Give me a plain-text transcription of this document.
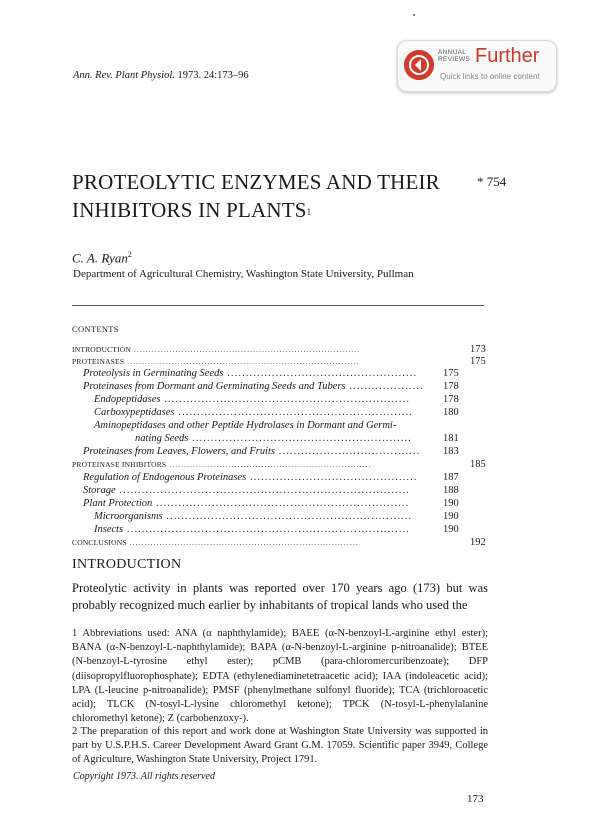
Ann. Rev. Plant Physiol. 1973. 24:173–96
ANNUAL
REVIEWS Further
Quick links to online content
PROTEOLYTIC ENZYMES AND THEIR
INHIBITORS IN PLANTS$^1$
* 754
C. A. Ryan$^2$
Department of Agricultural Chemistry, Washington State University, Pullman
CONTENTS
INTRODUCTION ............................................................................	173
PROTEINASES ..............................................................................	175
Proteolysis in Germinating Seeds ................................................... 175
Proteinases from Dormant and Germinating Seeds and Tubers .................... 178
Endopeptidases ..................................................................	178
Carboxypeptidases ...............................................................	180
Aminopeptidases and other Peptide Hydrolases in Dormant and Germi-
nating Seeds ...........................................................	181
Proteinases from Leaves, Flowers, and Fruits ...................................... 183
PROTEINASE INHIBITORS ....................................................................	185
Regulation of Endogenous Proteinases ............................................. 187
Storage ..............................................................................	188
Plant Protection ....................................................................	190
Microorganisms ..................................................................	190
Insects ............................................................................	190
CONCLUSIONS .............................................................................	192
INTRODUCTION
Proteolytic activity in plants was reported over 170 years ago (173) but was probably recognized much earlier by inhabitants of tropical lands who used the
1 Abbreviations used: ANA (α naphthylamide); BAEE (α-N-benzoyl-L-arginine ethyl ester); BANA (α-N-benzoyl-L-naphthylamide); BAPA (α-N-benzoyl-L-arginine p-nitroanalide); BTEE (N-benzoyl-L-tyrosine ethyl ester); pCMB (para-chloromercuribenzoate); DFP (diisopropylfluorophosphate); EDTA (ethylenediaminetetraacetic acid); IAA (indoleacetic acid); LPA (L-leucine p-nitroanalide); PMSF (phenylmethane sulfonyl fluoride); TCA (trichloroacetic acid); TLCK (N-tosyl-L-lysine chloromethyl ketone); TPCK (N-tosyl-L-phenylalanine chloromethyl ketone); Z (carbobenzoxy-).
2 The preparation of this report and work done at Washington State University was supported in part by U.S.P.H.S. Career Development Award Grant G.M. 17059. Scientific paper 3949, College of Agriculture, Washington State University, Project 1791.
Copyright 1973. All rights reserved
173
